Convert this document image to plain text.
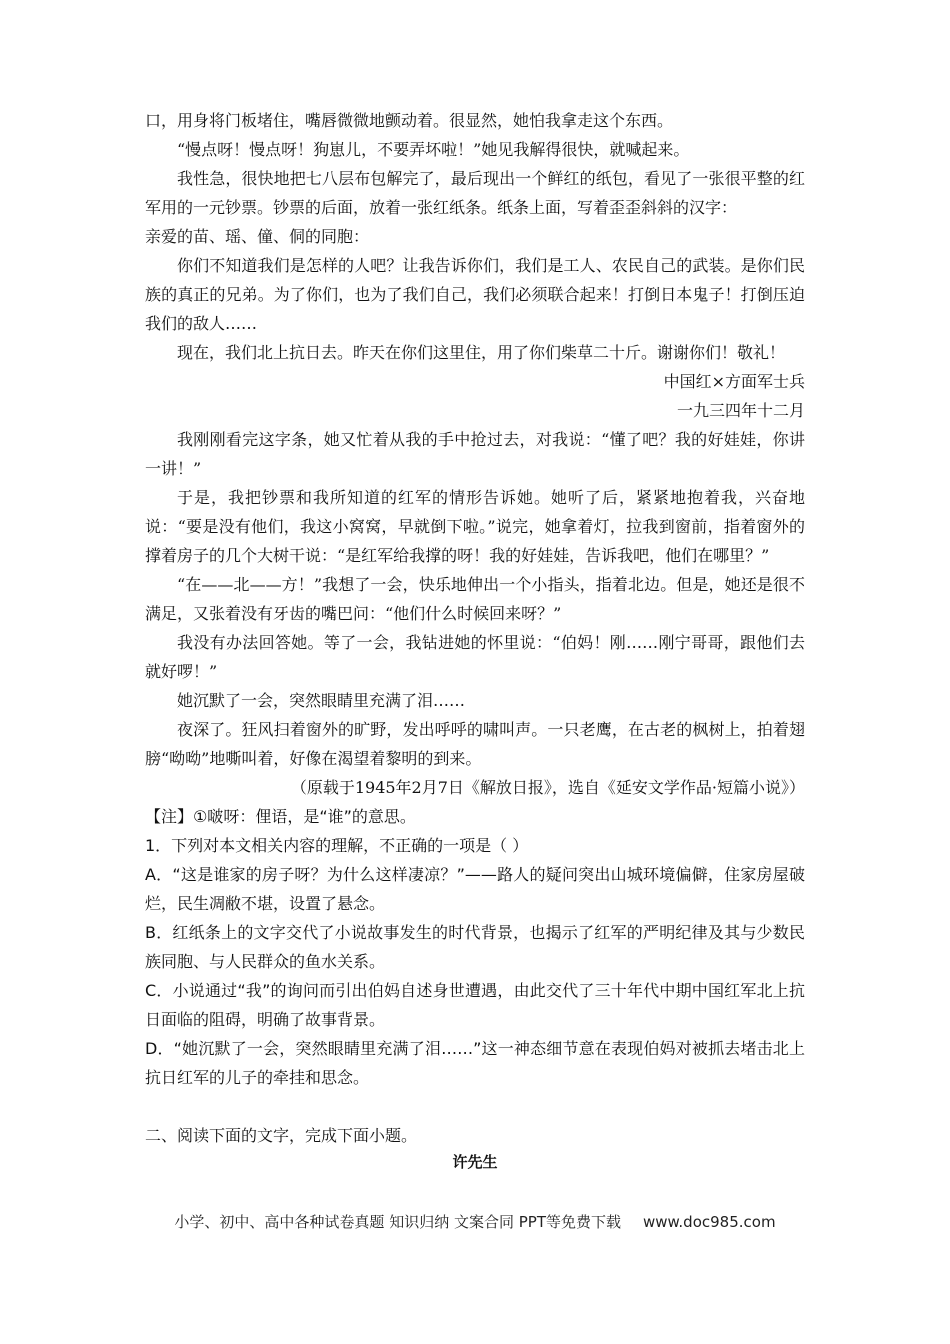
口，用身将门板堵住，嘴唇微微地颤动着。很显然，她怕我拿走这个东西。

“慢点呀！慢点呀！狗崽儿，不要弄坏啦！”她见我解得很快，就喊起来。

我性急，很快地把七八层布包解完了，最后现出一个鲜红的纸包，看见了一张很平整的红军用的一元钞票。钞票的后面，放着一张红纸条。纸条上面，写着歪歪斜斜的汉字：

亲爱的苗、瑶、僮、侗的同胞：

你们不知道我们是怎样的人吧？让我告诉你们，我们是工人、农民自己的武装。是你们民族的真正的兄弟。为了你们，也为了我们自己，我们必须联合起来！打倒日本鬼子！打倒压迫我们的敌人……

现在，我们北上抗日去。昨天在你们这里住，用了你们柴草二十斤。谢谢你们！敬礼！

中国红×方面军士兵

一九三四年十二月

我刚刚看完这字条，她又忙着从我的手中抢过去，对我说：“懂了吧？我的好娃娃，你讲一讲！”

于是，我把钞票和我所知道的红军的情形告诉她。她听了后，紧紧地抱着我，兴奋地说：“要是没有他们，我这小窝窝，早就倒下啦。”说完，她拿着灯，拉我到窗前，指着窗外的撑着房子的几个大树干说：“是红军给我撑的呀！我的好娃娃，告诉我吧，他们在哪里？”

“在——北——方！”我想了一会，快乐地伸出一个小指头，指着北边。但是，她还是很不满足，又张着没有牙齿的嘴巴问：“他们什么时候回来呀？”

我没有办法回答她。等了一会，我钻进她的怀里说：“伯妈！刚……刚宁哥哥，跟他们去就好啰！”

她沉默了一会，突然眼睛里充满了泪……

夜深了。狂风扫着窗外的旷野，发出呼呼的啸叫声。一只老鹰，在古老的枫树上，拍着翅膀“呦呦”地嘶叫着，好像在渴望着黎明的到来。

（原载于1945年2月7日《解放日报》，选自《延安文学作品·短篇小说》）

【注】①啵呀：俚语，是“谁”的意思。

1．下列对本文相关内容的理解，不正确的一项是（ ）

A．“这是谁家的房子呀？为什么这样凄凉？”——路人的疑问突出山城环境偏僻，住家房屋破烂，民生凋敝不堪，设置了悬念。

B．红纸条上的文字交代了小说故事发生的时代背景，也揭示了红军的严明纪律及其与少数民族同胞、与人民群众的鱼水关系。

C．小说通过“我”的询问而引出伯妈自述身世遭遇，由此交代了三十年代中期中国红军北上抗日面临的阻碍，明确了故事背景。

D．“她沉默了一会，突然眼睛里充满了泪……”这一神态细节意在表现伯妈对被抓去堵击北上抗日红军的儿子的牵挂和思念。

二、阅读下面的文字，完成下面小题。

许先生
小学、初中、高中各种试卷真题 知识归纳 文案合同 PPT等免费下载 www.doc985.com
